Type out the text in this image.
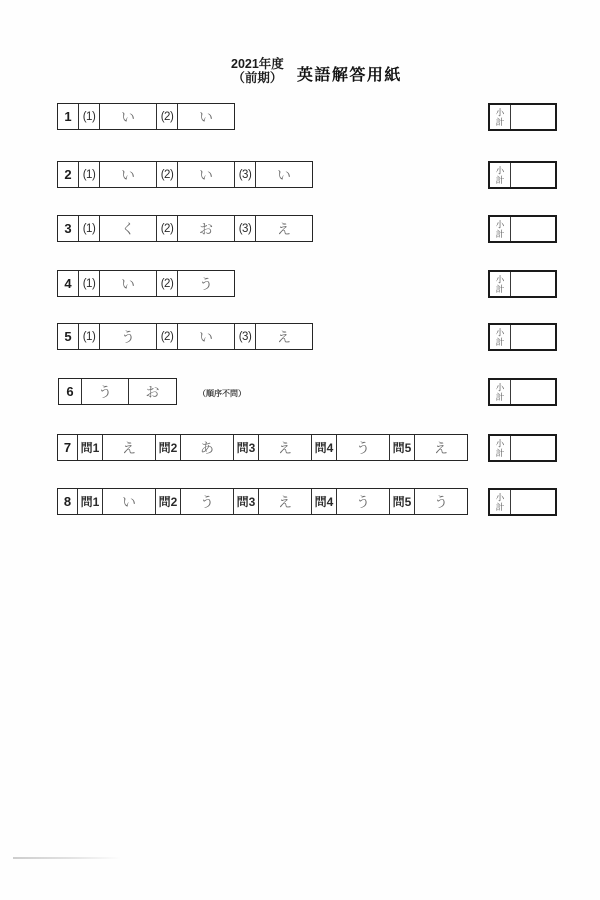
2021年度
（前期） 英語解答用紙
1 (1)	い	(2)	い	小計
2 (1)	い	(2)	い	(3)	い	小計
3 (1)	く	(2)	お	(3)	え	小計
4 (1)	い	(2)	う	小計
5 (1)	う	(2)	い	(3)	え	小計
6	う	お	（順序不問）	小計
7 問1	え	問2	あ	問3	え	問4	う	問5	え	小計
8 問1	い	問2	う	問3	え	問4	う	問5	う	小計
